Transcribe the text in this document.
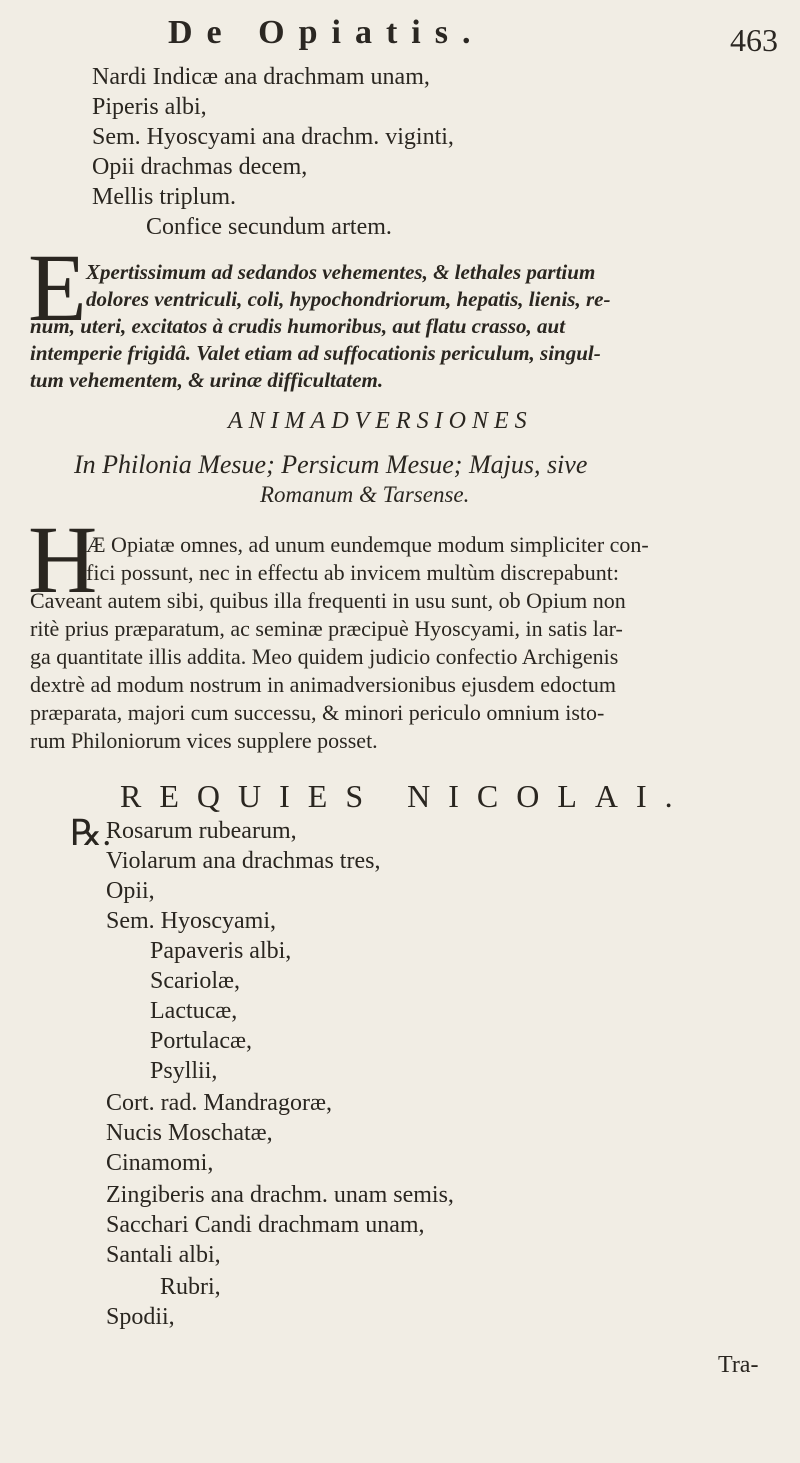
De Opiatis.	463
Nardi Indicæ ana drachmam unam,
Piperis albi,
Sem. Hyoscyami ana drachm. viginti,
Opii drachmas decem,
Mellis triplum.
Confice secundum artem.
E Xpertissimum ad sedandos vehementes, & lethales partium
dolores ventriculi, coli, hypochondriorum, hepatis, lienis, re-
num, uteri, excitatos à crudis humoribus, aut flatu crasso, aut
intemperie frigidâ. Valet etiam ad suffocationis periculum, singul-
tum vehementem, & urinæ difficultatem.
ANIMADVERSIONES
In Philonia Mesue; Persicum Mesue; Majus, sive
Romanum & Tarsense.
H
Æ Opiatæ omnes, ad unum eundemque modum simpliciter con-
fici possunt, nec in effectu ab invicem multùm discrepabunt:
Caveant autem sibi, quibus illa frequenti in usu sunt, ob Opium non
ritè prius præparatum, ac seminæ præcipuè Hyoscyami, in satis lar-
ga quantitate illis addita. Meo quidem judicio confectio Archigenis
dextrè ad modum nostrum in animadversionibus ejusdem edoctum
præparata, majori cum successu, & minori periculo omnium isto-
rum Philoniorum vices supplere posset.
REQUIES NICOLAI.
℞.
Rosarum rubearum,
Violarum ana drachmas tres,
Opii,
Sem. Hyoscyami,
Papaveris albi,
Scariolæ,
Lactucæ,
Portulacæ,
Psyllii,
Cort. rad. Mandragoræ,
Nucis Moschatæ,
Cinamomi,
Zingiberis ana drachm. unam semis,
Sacchari Candi drachmam unam,
Santali albi,
Rubri,
Spodii,
Tra-
